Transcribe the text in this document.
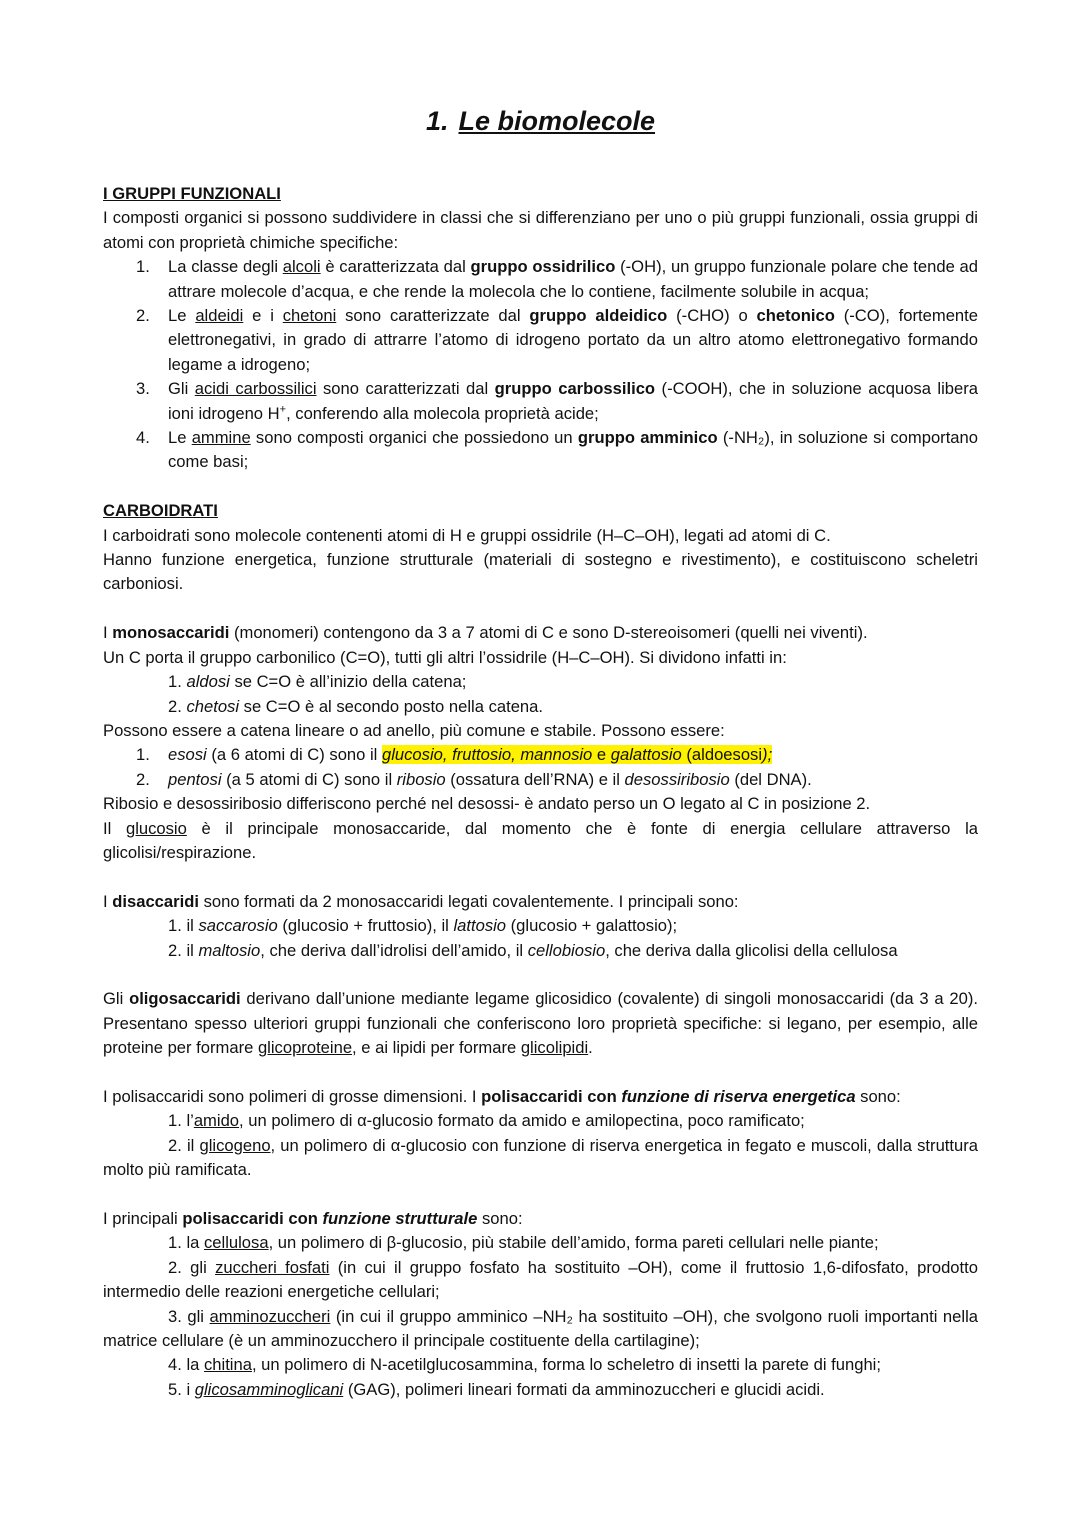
1. Le biomolecole

I GRUPPI FUNZIONALI

I composti organici si possono suddividere in classi che si differenziano per uno o più gruppi funzionali, ossia gruppi di atomi con proprietà chimiche specifiche:

1. La classe degli alcoli è caratterizzata dal gruppo ossidrilico (-OH), un gruppo funzionale polare che tende ad attrare molecole d’acqua, e che rende la molecola che lo contiene, facilmente solubile in acqua;
2. Le aldeidi e i chetoni sono caratterizzate dal gruppo aldeidico (-CHO) o chetonico (-CO), fortemente elettronegativi, in grado di attrarre l’atomo di idrogeno portato da un altro atomo elettronegativo formando legame a idrogeno;
3. Gli acidi carbossilici sono caratterizzati dal gruppo carbossilico (-COOH), che in soluzione acquosa libera ioni idrogeno H+, conferendo alla molecola proprietà acide;
4. Le ammine sono composti organici che possiedono un gruppo amminico (-NH₂), in soluzione si comportano come basi;

CARBOIDRATI

I carboidrati sono molecole contenenti atomi di H e gruppi ossidrile (H–C–OH), legati ad atomi di C.

Hanno funzione energetica, funzione strutturale (materiali di sostegno e rivestimento), e costituiscono scheletri carboniosi.

I monosaccaridi (monomeri) contengono da 3 a 7 atomi di C e sono D-stereoisomeri (quelli nei viventi).

Un C porta il gruppo carbonilico (C=O), tutti gli altri l’ossidrile (H–C–OH). Si dividono infatti in:

1. aldosi se C=O è all’inizio della catena;

2. chetosi se C=O è al secondo posto nella catena.

Possono essere a catena lineare o ad anello, più comune e stabile. Possono essere:

1. esosi (a 6 atomi di C) sono il glucosio, fruttosio, mannosio e galattosio (aldoesosi);

2. pentosi (a 5 atomi di C) sono il ribosio (ossatura dell’RNA) e il desossiribosio (del DNA).

Ribosio e desossiribosio differiscono perché nel desossi- è andato perso un O legato al C in posizione 2.

Il glucosio è il principale monosaccaride, dal momento che è fonte di energia cellulare attraverso la glicolisi/respirazione.

I disaccaridi sono formati da 2 monosaccaridi legati covalentemente. I principali sono:

1. il saccarosio (glucosio + fruttosio), il lattosio (glucosio + galattosio);

2. il maltosio, che deriva dall’idrolisi dell’amido, il cellobiosio, che deriva dalla glicolisi della cellulosa

Gli oligosaccaridi derivano dall’unione mediante legame glicosidico (covalente) di singoli monosaccaridi (da 3 a 20). Presentano spesso ulteriori gruppi funzionali che conferiscono loro proprietà specifiche: si legano, per esempio, alle proteine per formare glicoproteine, e ai lipidi per formare glicolipidi.

I polisaccaridi sono polimeri di grosse dimensioni. I polisaccaridi con funzione di riserva energetica sono:

1. l’amido, un polimero di α-glucosio formato da amido e amilopectina, poco ramificato;

2. il glicogeno, un polimero di α-glucosio con funzione di riserva energetica in fegato e muscoli, dalla struttura molto più ramificata.

I principali polisaccaridi con funzione strutturale sono:

1. la cellulosa, un polimero di β-glucosio, più stabile dell’amido, forma pareti cellulari nelle piante;

2. gli zuccheri fosfati (in cui il gruppo fosfato ha sostituito –OH), come il fruttosio 1,6-difosfato, prodotto intermedio delle reazioni energetiche cellulari;

3. gli amminozuccheri (in cui il gruppo amminico –NH₂ ha sostituito –OH), che svolgono ruoli importanti nella matrice cellulare (è un amminozucchero il principale costituente della cartilagine);

4. la chitina, un polimero di N-acetilglucosammina, forma lo scheletro di insetti la parete di funghi;

5. i glicosamminoglicani (GAG), polimeri lineari formati da amminozuccheri e glucidi acidi.
